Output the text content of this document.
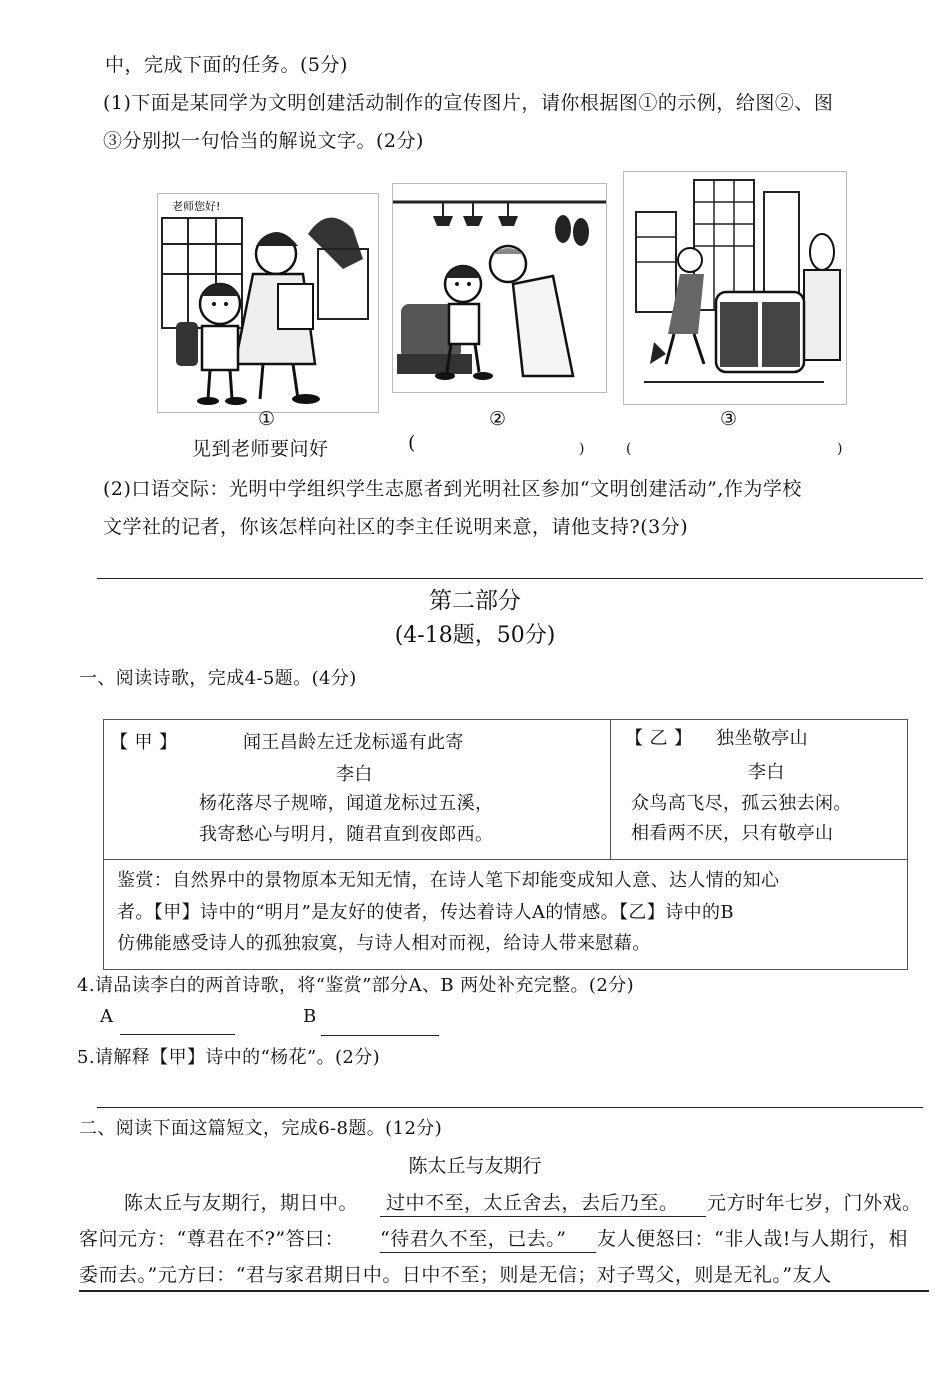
中，完成下面的任务。(5分)
(1)下面是某同学为文明创建活动制作的宣传图片，请你根据图①的示例，给图②、图
③分别拟一句恰当的解说文字。(2分)
老师您好!
①
见到老师要问好
②
(	)
③
(	)
(2)口语交际：光明中学组织学生志愿者到光明社区参加“文明创建活动”,作为学校
文学社的记者，你该怎样向社区的李主任说明来意，请他支持?(3分)
第二部分
(4-18题，50分)
一、阅读诗歌，完成4-5题。(4分)
【 甲 】	闻王昌龄左迁龙标遥有此寄
李白
杨花落尽子规啼，闻道龙标过五溪，
我寄愁心与明月，随君直到夜郎西。
【 乙 】 独坐敬亭山
李白
众鸟高飞尽，孤云独去闲。
相看两不厌，只有敬亭山
鉴赏：自然界中的景物原本无知无情，在诗人笔下却能变成知人意、达人情的知心
者。【甲】诗中的“明月”是友好的使者，传达着诗人A的情感。【乙】诗中的B
仿佛能感受诗人的孤独寂寞，与诗人相对而视，给诗人带来慰藉。
4.请品读李白的两首诗歌，将“鉴赏”部分A、B 两处补充完整。(2分)
A	B
5.请解释【甲】诗中的“杨花”。(2分)
二、阅读下面这篇短文，完成6-8题。(12分)
陈太丘与友期行
陈太丘与友期行，期日中。 过中不至，太丘舍去，去后乃至。 元方时年七岁，门外戏。
客问元方：“尊君在不?”答曰： “待君久不至，已去。” 友人便怒曰：“非人哉!与人期行，相
委而去。”元方曰：“君与家君期日中。日中不至；则是无信；对子骂父，则是无礼。”友人
